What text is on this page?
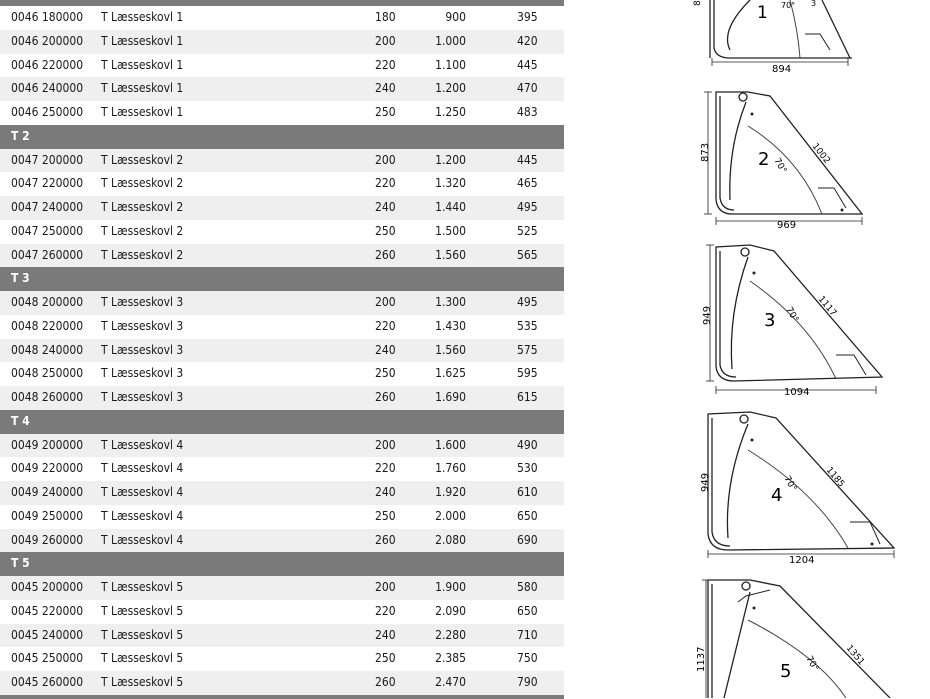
0046 180000 T Læsseskovl 1	180	900	395
0046 200000 T Læsseskovl 1	200	1.000	420
0046 220000 T Læsseskovl 1	220	1.100	445
0046 240000 T Læsseskovl 1	240	1.200	470
0046 250000 T Læsseskovl 1	250	1.250	483
T 2
0047 200000 T Læsseskovl 2	200	1.200	445
0047 220000 T Læsseskovl 2	220	1.320	465
0047 240000 T Læsseskovl 2	240	1.440	495
0047 250000 T Læsseskovl 2	250	1.500	525
0047 260000 T Læsseskovl 2	260	1.560	565
T 3
0048 200000 T Læsseskovl 3	200	1.300	495
0048 220000 T Læsseskovl 3	220	1.430	535
0048 240000 T Læsseskovl 3	240	1.560	575
0048 250000 T Læsseskovl 3	250	1.625	595
0048 260000 T Læsseskovl 3	260	1.690	615
T 4
0049 200000 T Læsseskovl 4	200	1.600	490
0049 220000 T Læsseskovl 4	220	1.760	530
0049 240000 T Læsseskovl 4	240	1.920	610
0049 250000 T Læsseskovl 4	250	2.000	650
0049 260000 T Læsseskovl 4	260	2.080	690
T 5
0045 200000 T Læsseskovl 5	200	1.900	580
0045 220000 T Læsseskovl 5	220	2.090	650
0045 240000 T Læsseskovl 5	240	2.280	710
0045 250000 T Læsseskovl 5	250	2.385	750
0045 260000 T Læsseskovl 5	260	2.470	790
8	1 70° 3
894
873	2 70°
1002
969
949	3 70° 1117
1094
949
4
70°	1185
1204
1137	5 70°	1351
